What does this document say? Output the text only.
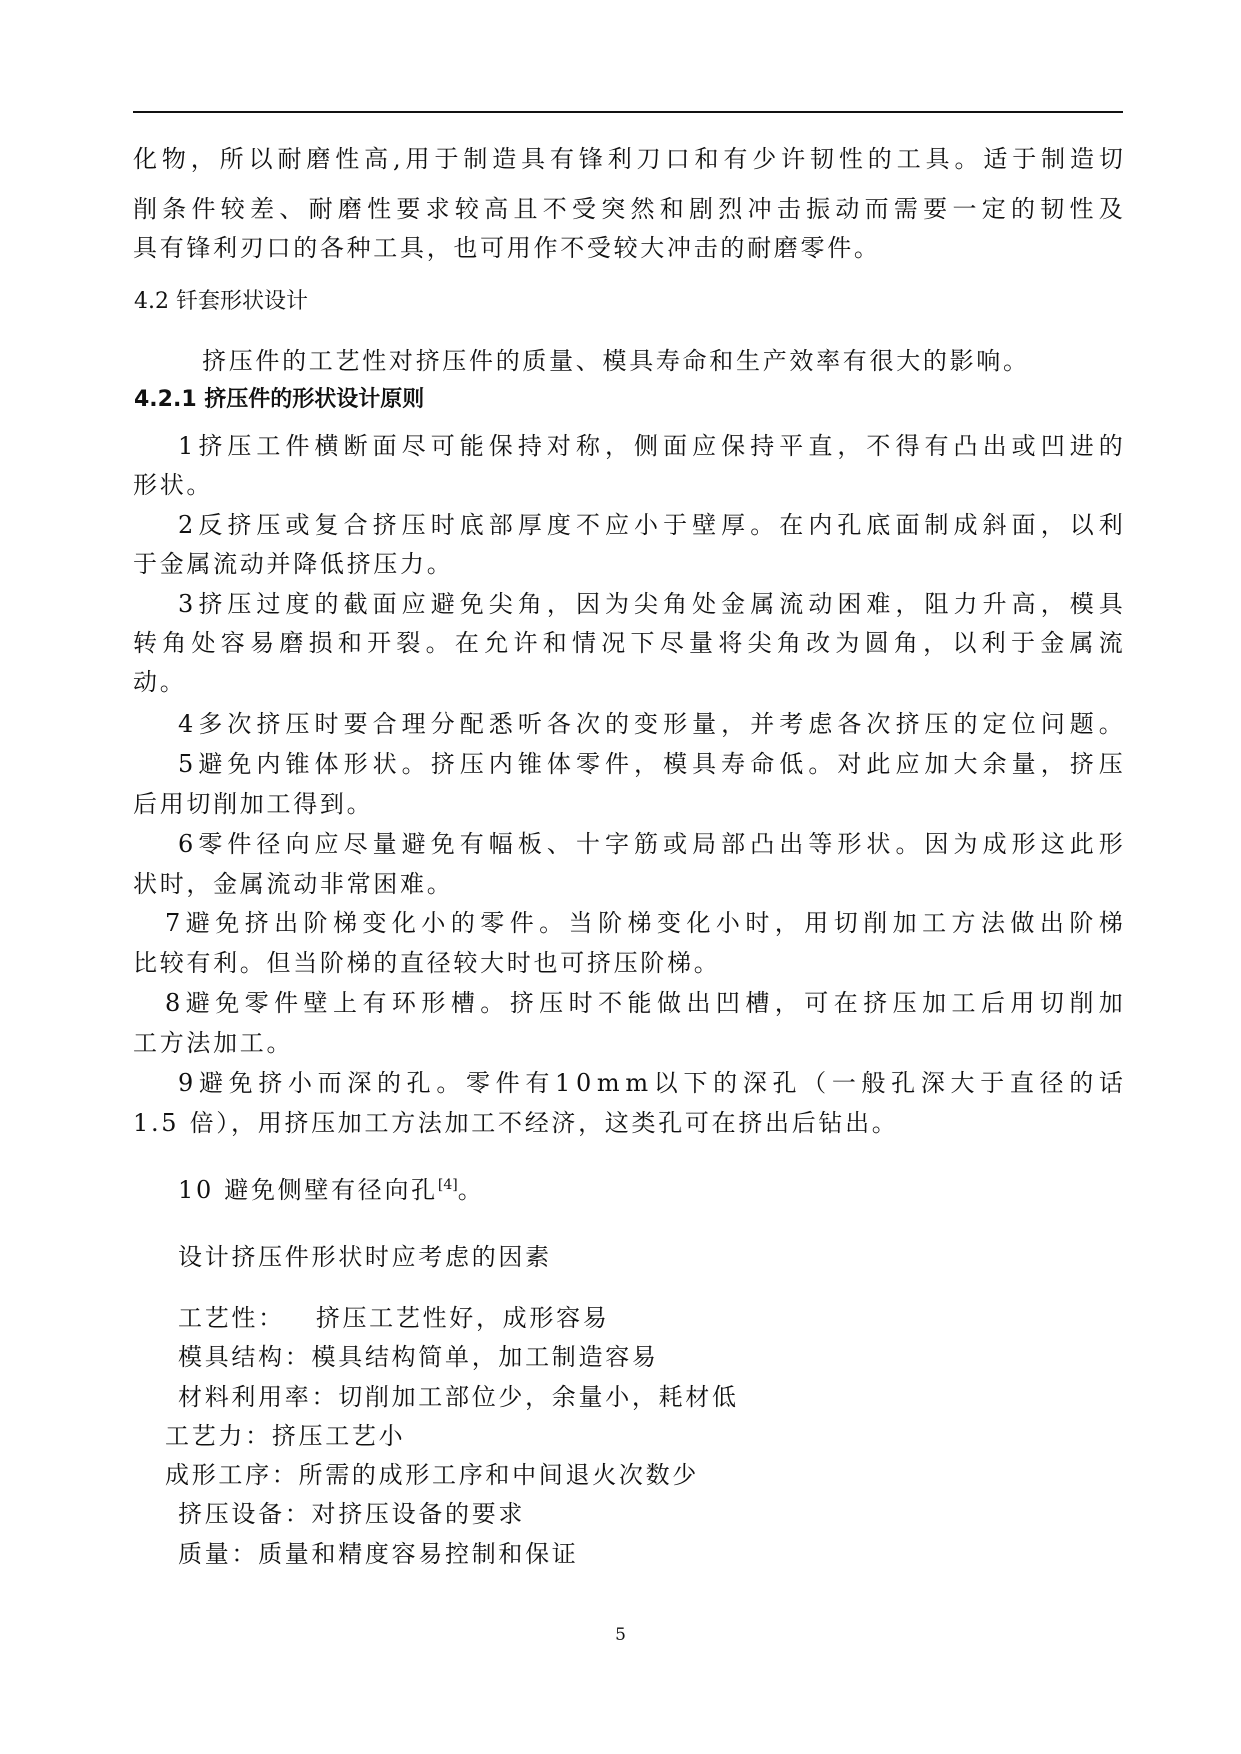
化 物 ， 所 以 耐 磨 性 高 , 用 于 制 造 具 有 锋 利 刀 口 和 有 少 许 韧 性 的 工 具 。 适 于 制 造 切

削 条 件 较 差 、 耐 磨 性 要 求 较 高 且 不 受 突 然 和 剧 烈 冲 击 振 动 而 需 要 一 定 的 韧 性 及

具有锋利刃口的各种工具，也可用作不受较大冲击的耐磨零件。

4.2 钎套形状设计

挤压件的工艺性对挤压件的质量、模具寿命和生产效率有很大的影响。

4.2.1 挤压件的形状设计原则

1 挤 压 工 件 横 断 面 尽 可 能 保 持 对 称 ， 侧 面 应 保 持 平 直 ， 不 得 有 凸 出 或 凹 进 的

形状。

2 反 挤 压 或 复 合 挤 压 时 底 部 厚 度 不 应 小 于 壁 厚 。 在 内 孔 底 面 制 成 斜 面 ， 以 利

于金属流动并降低挤压力。

3 挤 压 过 度 的 截 面 应 避 免 尖 角 ， 因 为 尖 角 处 金 属 流 动 困 难 ， 阻 力 升 高 ， 模 具

转 角 处 容 易 磨 损 和 开 裂 。 在 允 许 和 情 况 下 尽 量 将 尖 角 改 为 圆 角 ， 以 利 于 金 属 流

动。

4 多 次 挤 压 时 要 合 理 分 配 悉 听 各 次 的 变 形 量 ， 并 考 虑 各 次 挤 压 的 定 位 问 题 。

5 避 免 内 锥 体 形 状 。 挤 压 内 锥 体 零 件 ， 模 具 寿 命 低 。 对 此 应 加 大 余 量 ， 挤 压

后用切削加工得到。

6 零 件 径 向 应 尽 量 避 免 有 幅 板 、 十 字 筋 或 局 部 凸 出 等 形 状 。 因 为 成 形 这 此 形

状时，金属流动非常困难。

7 避 免 挤 出 阶 梯 变 化 小 的 零 件 。 当 阶 梯 变 化 小 时 ， 用 切 削 加 工 方 法 做 出 阶 梯

比较有利。但当阶梯的直径较大时也可挤压阶梯。

8 避 免 零 件 壁 上 有 环 形 槽 。 挤 压 时 不 能 做 出 凹 槽 ， 可 在 挤 压 加 工 后 用 切 削 加

工方法加工。

9 避 免 挤 小 而 深 的 孔 。 零 件 有 1 0 m m 以 下 的 深 孔 （ 一 般 孔 深 大 于 直 径 的 话

1.5 倍），用挤压加工方法加工不经济，这类孔可在挤出后钻出。

10 避免侧壁有径向孔[4]。

设计挤压件形状时应考虑的因素

工艺性：   挤压工艺性好，成形容易

模具结构：模具结构简单，加工制造容易

材料利用率：切削加工部位少，余量小，耗材低

工艺力：挤压工艺小

成形工序：所需的成形工序和中间退火次数少

挤压设备：对挤压设备的要求

质量：质量和精度容易控制和保证

5
